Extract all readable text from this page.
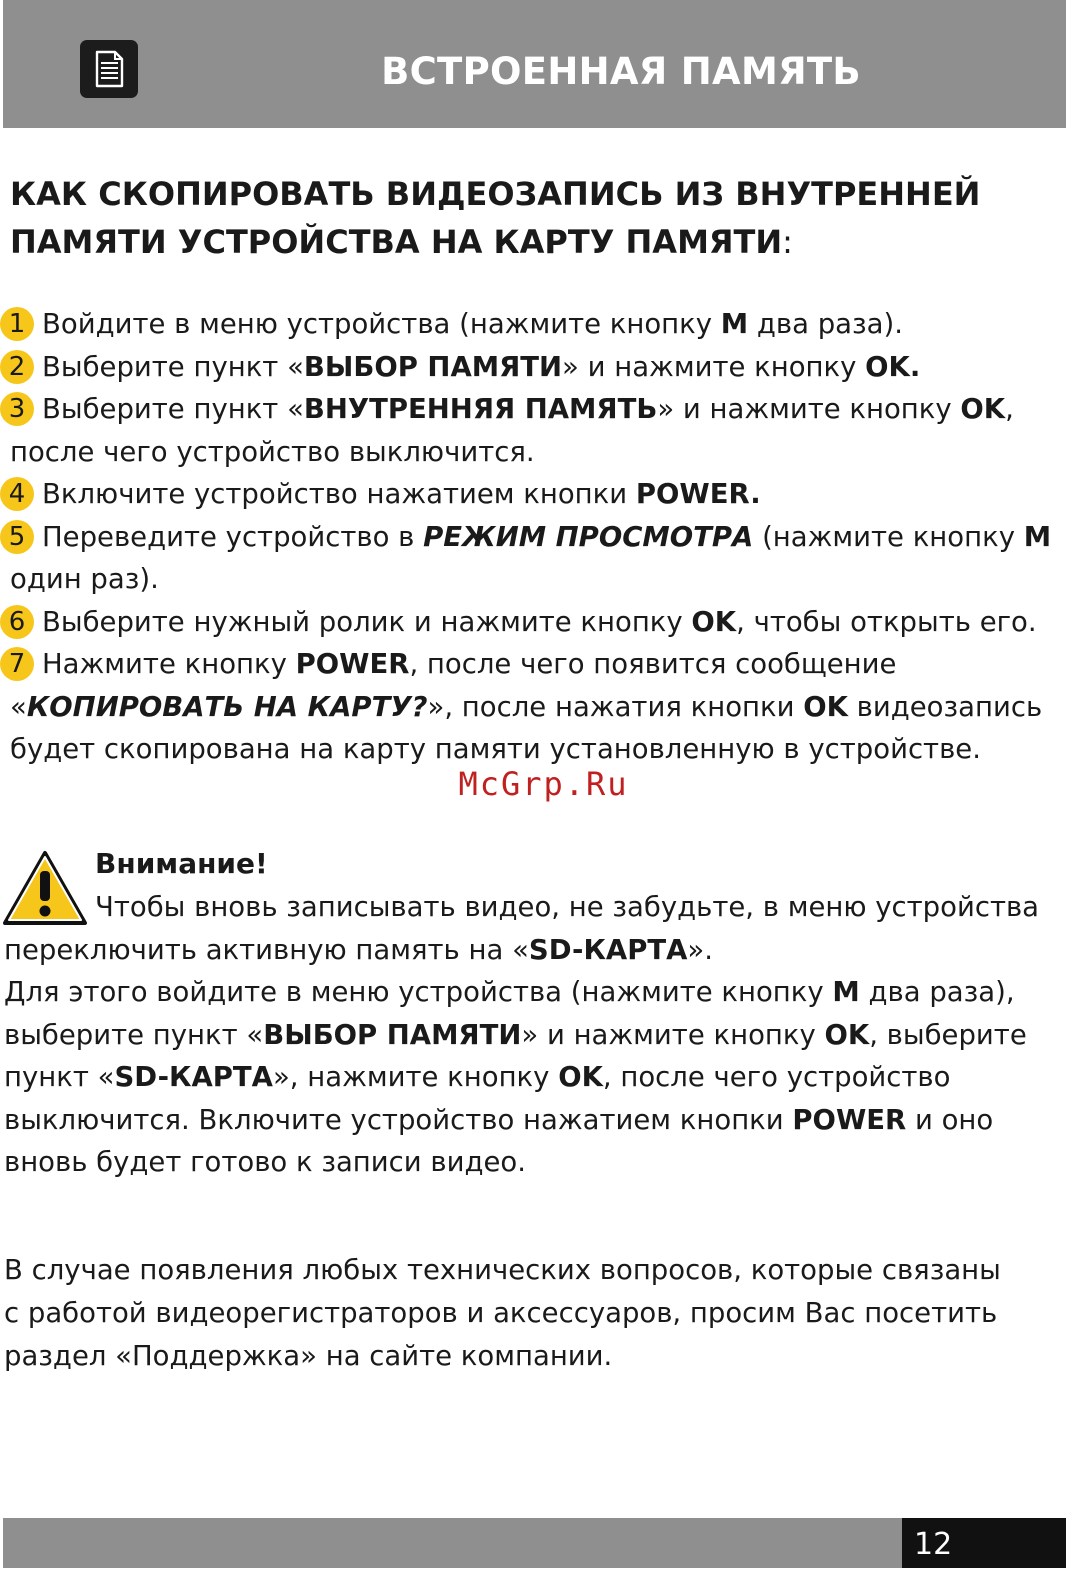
ВСТРОЕННАЯ ПАМЯТЬ
КАК СКОПИРОВАТЬ ВИДЕОЗАПИСЬ ИЗ ВНУТРЕННЕЙ
ПАМЯТИ УСТРОЙСТВА НА КАРТУ ПАМЯТИ:
1 Войдите в меню устройства (нажмите кнопку M два раза).
2 Выберите пункт «ВЫБОР ПАМЯТИ» и нажмите кнопку OK.
3 Выберите пункт «ВНУТРЕННЯЯ ПАМЯТЬ» и нажмите кнопку OK,
после чего устройство выключится.
4 Включите устройство нажатием кнопки POWER.
5 Переведите устройство в РЕЖИМ ПРОСМОТРА (нажмите кнопку M
один раз).
6 Выберите нужный ролик и нажмите кнопку OK, чтобы открыть его.
7 Нажмите кнопку POWER, после чего появится сообщение
«КОПИРОВАТЬ НА КАРТУ?», после нажатия кнопки OK видеозапись
будет скопирована на карту памяти установленную в устройстве.
McGrp.Ru
Внимание!
Чтобы вновь записывать видео, не забудьте, в меню устройства
переключить активную память на «SD-КАРТА».
Для этого войдите в меню устройства (нажмите кнопку M два раза),
выберите пункт «ВЫБОР ПАМЯТИ» и нажмите кнопку OK, выберите
пункт «SD-КАРТА», нажмите кнопку OK, после чего устройство
выключится. Включите устройство нажатием кнопки POWER и оно
вновь будет готово к записи видео.
В случае появления любых технических вопросов, которые связаны
с работой видеорегистраторов и аксессуаров, просим Вас посетить
раздел «Поддержка» на сайте компании.
12
